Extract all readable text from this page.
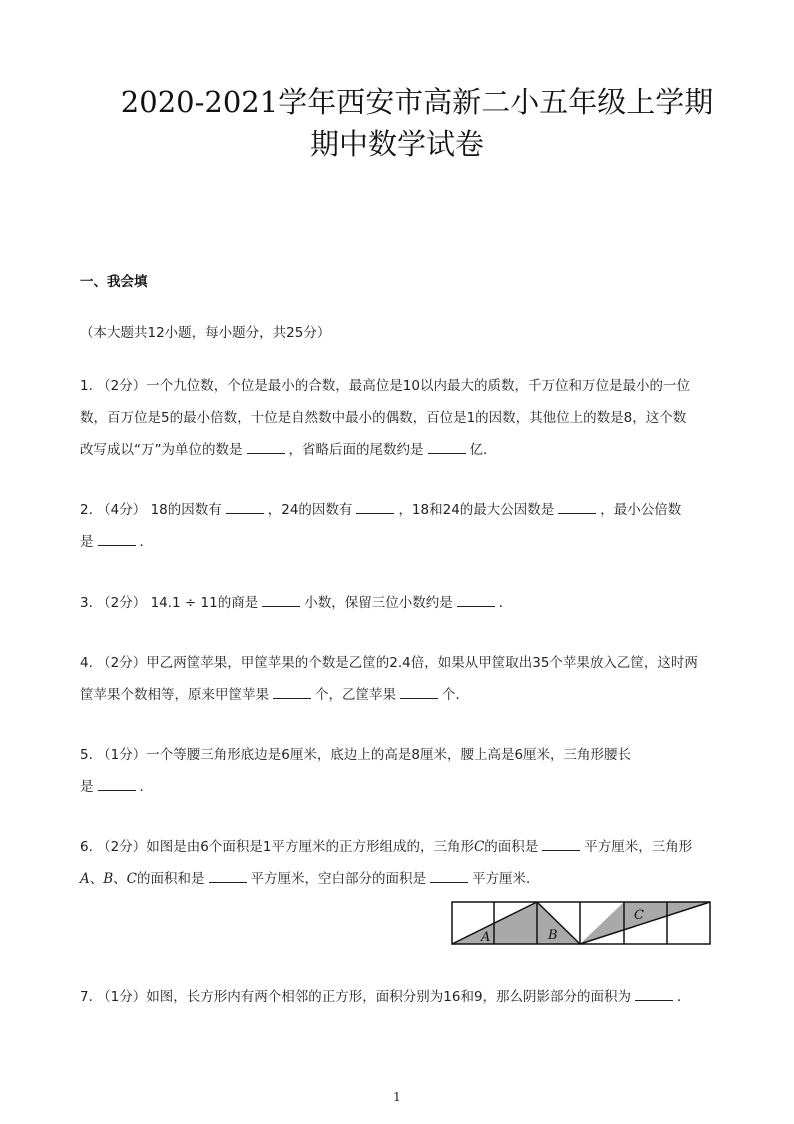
2020-2021学年西安市高新二小五年级上学期
期中数学试卷
一、我会填
（本大题共12小题，每小题分，共25分）
1. （2分）一个九位数，个位是最小的合数，最高位是10以内最大的质数，千万位和万位是最小的一位
数，百万位是5的最小倍数，十位是自然数中最小的偶数，百位是1的因数，其他位上的数是8，这个数
改写成以“万”为单位的数是	，省略后面的尾数约是	亿．
2. （4分） 18的因数有	，24的因数有	，18和24的最大公因数是	，最小公倍数
是	．
3. （2分） 14.1 ÷ 11的商是	小数，保留三位小数约是	．
4. （2分）甲乙两筐苹果，甲筐苹果的个数是乙筐的2.4倍，如果从甲筐取出35个苹果放入乙筐，这时两
筐苹果个数相等，原来甲筐苹果	个，乙筐苹果	个．
5. （1分）一个等腰三角形底边是6厘米，底边上的高是8厘米，腰上高是6厘米，三角形腰长
是	．
6. （2分）如图是由6个面积是1平方厘米的正方形组成的，三角形C的面积是	平方厘米，三角形
A、B、C的面积和是	平方厘米，空白部分的面积是	平方厘米．
A	B
C
7. （1分）如图，长方形内有两个相邻的正方形，面积分别为16和9，那么阴影部分的面积为	．
1
